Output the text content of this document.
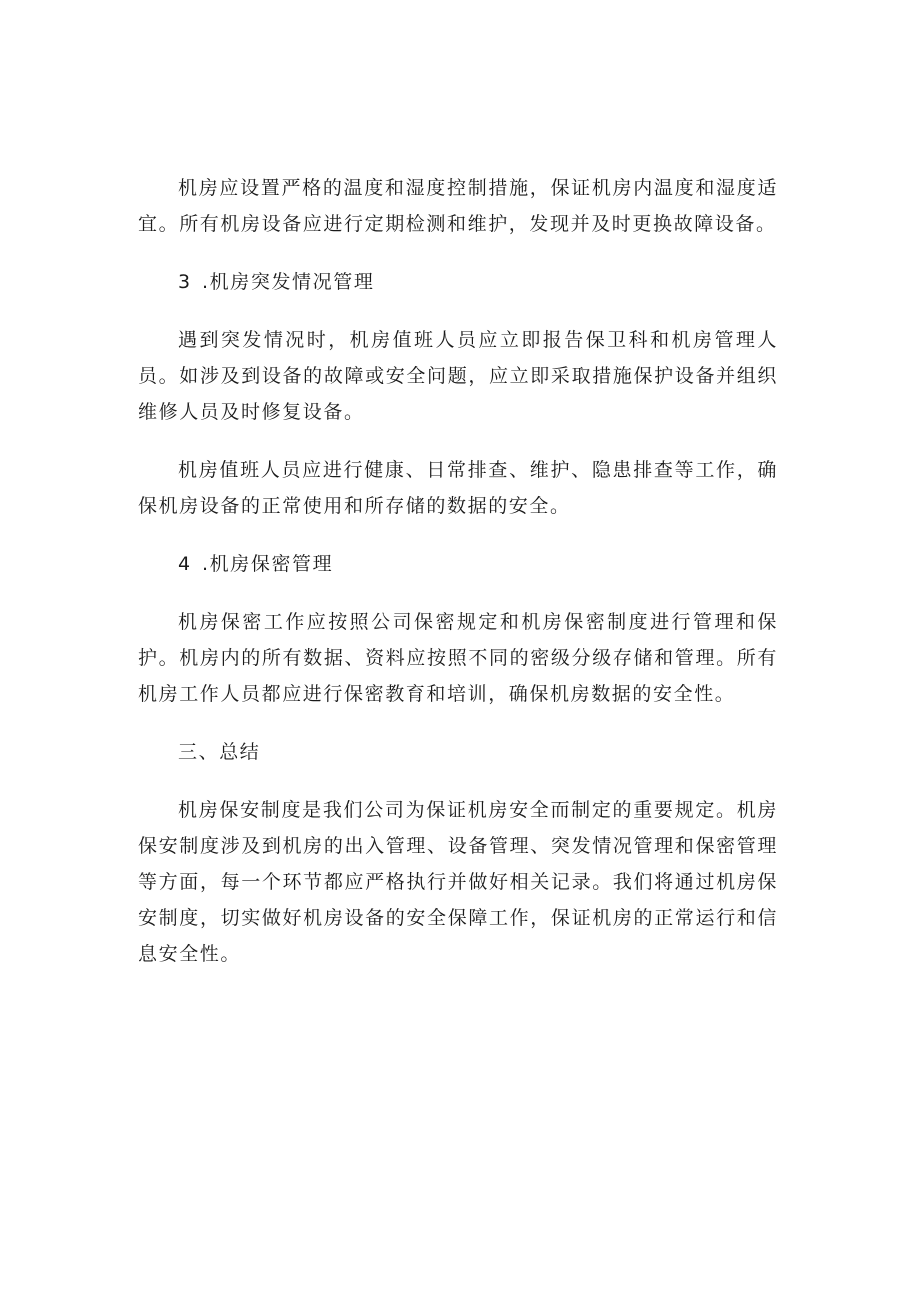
机房应设置严格的温度和湿度控制措施，保证机房内温度和湿度适宜。所有机房设备应进行定期检测和维护，发现并及时更换故障设备。

3 .机房突发情况管理

遇到突发情况时，机房值班人员应立即报告保卫科和机房管理人员。如涉及到设备的故障或安全问题，应立即采取措施保护设备并组织维修人员及时修复设备。

机房值班人员应进行健康、日常排查、维护、隐患排查等工作，确保机房设备的正常使用和所存储的数据的安全。

4 .机房保密管理

机房保密工作应按照公司保密规定和机房保密制度进行管理和保护。机房内的所有数据、资料应按照不同的密级分级存储和管理。所有机房工作人员都应进行保密教育和培训，确保机房数据的安全性。

三、总结

机房保安制度是我们公司为保证机房安全而制定的重要规定。机房保安制度涉及到机房的出入管理、设备管理、突发情况管理和保密管理等方面，每一个环节都应严格执行并做好相关记录。我们将通过机房保安制度，切实做好机房设备的安全保障工作，保证机房的正常运行和信息安全性。
